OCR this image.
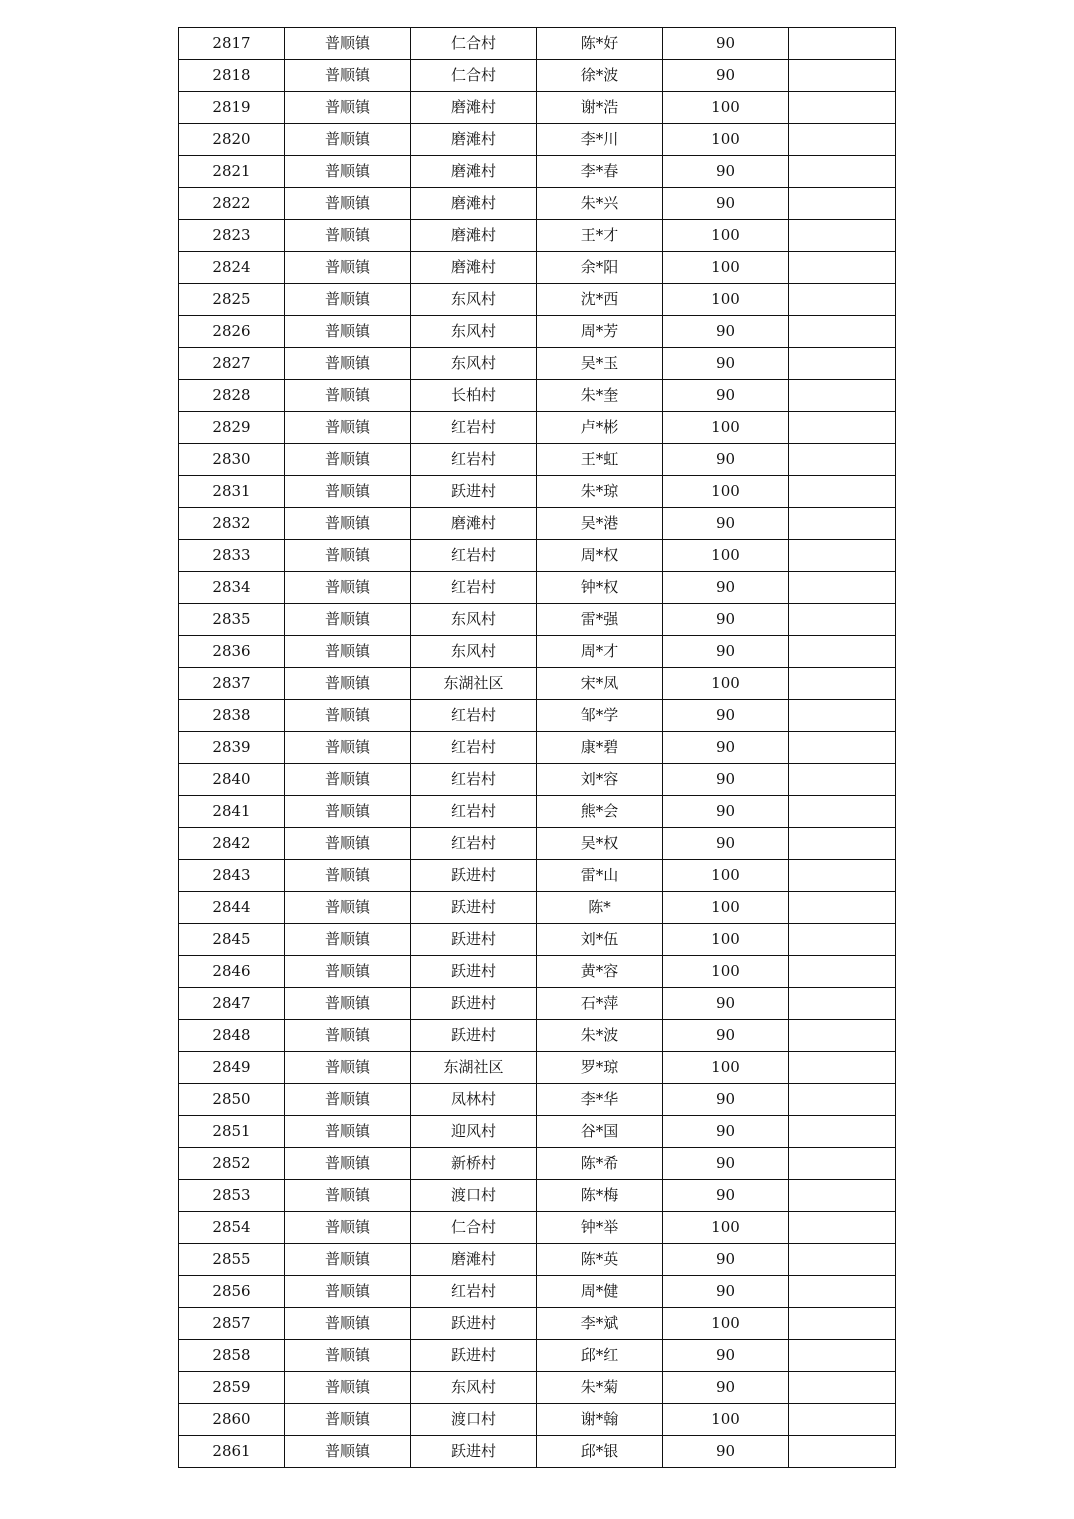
2817	普顺镇	仁合村	陈*好	90	
2818	普顺镇	仁合村	徐*波	90	
2819	普顺镇	磨滩村	谢*浩	100	
2820	普顺镇	磨滩村	李*川	100	
2821	普顺镇	磨滩村	李*春	90	
2822	普顺镇	磨滩村	朱*兴	90	
2823	普顺镇	磨滩村	王*才	100	
2824	普顺镇	磨滩村	余*阳	100	
2825	普顺镇	东风村	沈*西	100	
2826	普顺镇	东风村	周*芳	90	
2827	普顺镇	东风村	吴*玉	90	
2828	普顺镇	长柏村	朱*奎	90	
2829	普顺镇	红岩村	卢*彬	100	
2830	普顺镇	红岩村	王*虹	90	
2831	普顺镇	跃进村	朱*琼	100	
2832	普顺镇	磨滩村	吴*港	90	
2833	普顺镇	红岩村	周*权	100	
2834	普顺镇	红岩村	钟*权	90	
2835	普顺镇	东风村	雷*强	90	
2836	普顺镇	东风村	周*才	90	
2837	普顺镇	东湖社区	宋*凤	100	
2838	普顺镇	红岩村	邹*学	90	
2839	普顺镇	红岩村	康*碧	90	
2840	普顺镇	红岩村	刘*容	90	
2841	普顺镇	红岩村	熊*会	90	
2842	普顺镇	红岩村	吴*权	90	
2843	普顺镇	跃进村	雷*山	100	
2844	普顺镇	跃进村	陈*	100	
2845	普顺镇	跃进村	刘*伍	100	
2846	普顺镇	跃进村	黄*容	100	
2847	普顺镇	跃进村	石*萍	90	
2848	普顺镇	跃进村	朱*波	90	
2849	普顺镇	东湖社区	罗*琼	100	
2850	普顺镇	凤林村	李*华	90	
2851	普顺镇	迎风村	谷*国	90	
2852	普顺镇	新桥村	陈*希	90	
2853	普顺镇	渡口村	陈*梅	90	
2854	普顺镇	仁合村	钟*举	100	
2855	普顺镇	磨滩村	陈*英	90	
2856	普顺镇	红岩村	周*健	90	
2857	普顺镇	跃进村	李*斌	100	
2858	普顺镇	跃进村	邱*红	90	
2859	普顺镇	东风村	朱*菊	90	
2860	普顺镇	渡口村	谢*翰	100	
2861	普顺镇	跃进村	邱*银	90	
